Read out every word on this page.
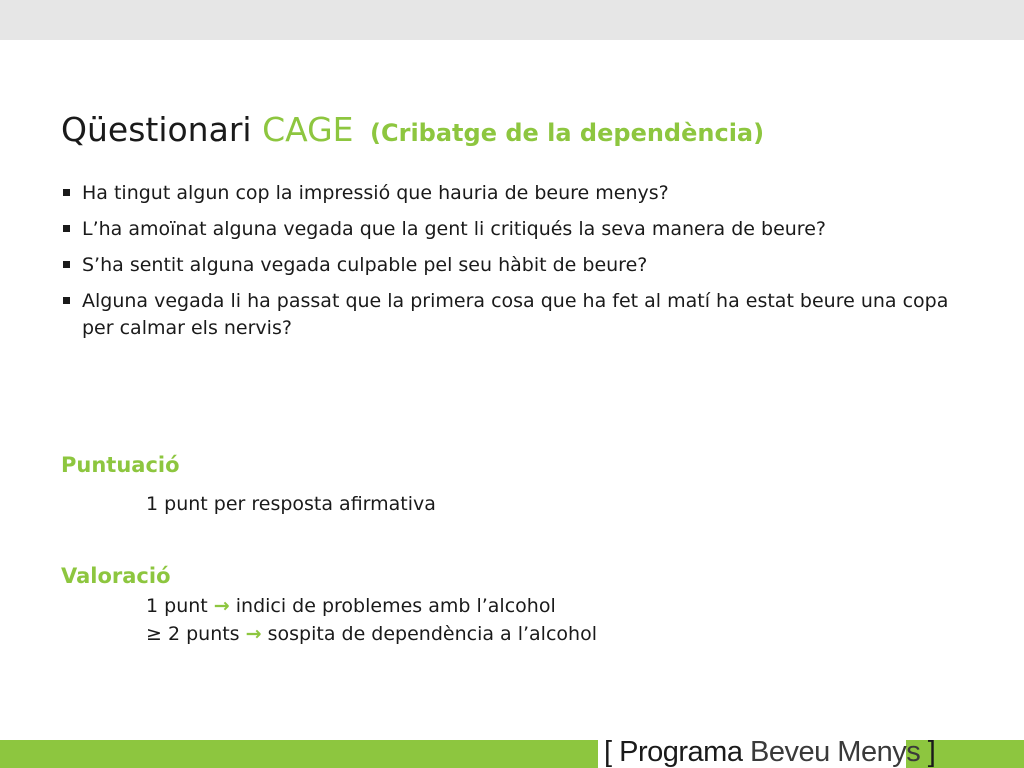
Qüestionari CAGE (Cribatge de la dependència)
Ha tingut algun cop la impressió que hauria de beure menys?
L’ha amoïnat alguna vegada que la gent li critiqués la seva manera de beure?
S’ha sentit alguna vegada culpable pel seu hàbit de beure?
Alguna vegada li ha passat que la primera cosa que ha fet al matí ha estat beure una copa per calmar els nervis?
Puntuació
1 punt per resposta afirmativa
Valoració
1 punt → indici de problemes amb l’alcohol
≥ 2 punts → sospita de dependència a l’alcohol
[ Programa Beveu Menys ]
